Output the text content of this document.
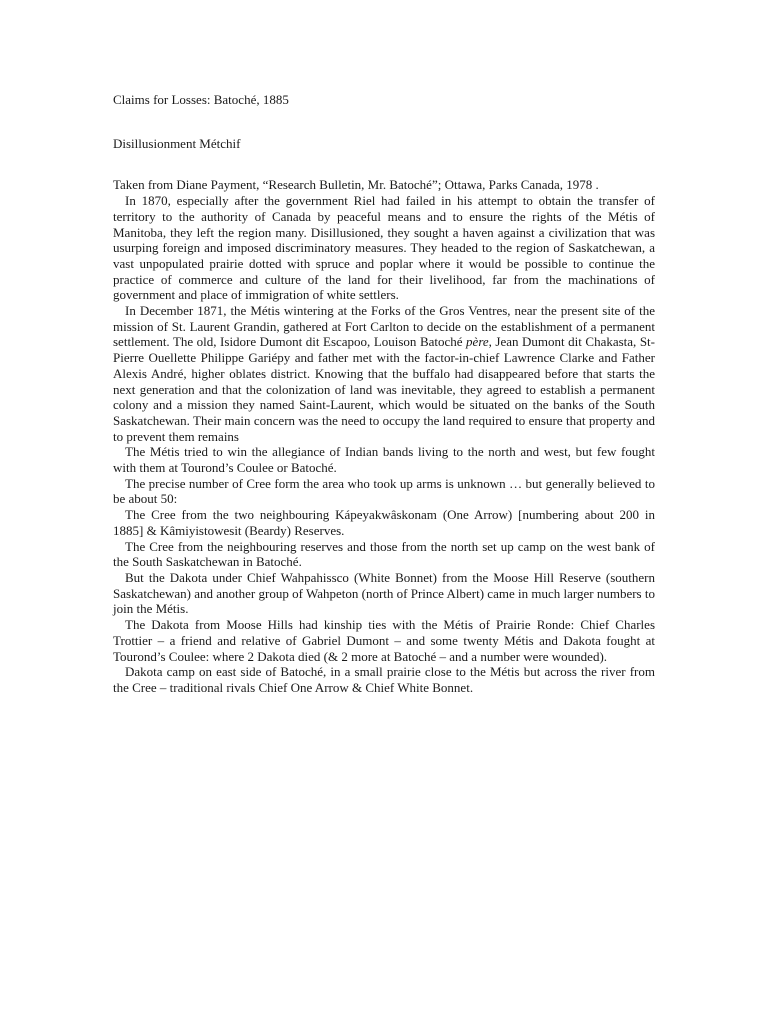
Claims for Losses: Batoché, 1885

Disillusionment Métchif

Taken from Diane Payment, “Research Bulletin, Mr. Batoché”; Ottawa, Parks Canada, 1978 .

In 1870, especially after the government Riel had failed in his attempt to obtain the transfer of territory to the authority of Canada by peaceful means and to ensure the rights of the Métis of Manitoba, they left the region many. Disillusioned, they sought a haven against a civilization that was usurping foreign and imposed discriminatory measures. They headed to the region of Saskatchewan, a vast unpopulated prairie dotted with spruce and poplar where it would be possible to continue the practice of commerce and culture of the land for their livelihood, far from the machinations of government and place of immigration of white settlers.

In December 1871, the Métis wintering at the Forks of the Gros Ventres, near the present site of the mission of St. Laurent Grandin, gathered at Fort Carlton to decide on the establishment of a permanent settlement. The old, Isidore Dumont dit Escapoo, Louison Batoché père, Jean Dumont dit Chakasta, St-Pierre Ouellette Philippe Gariépy and father met with the factor-in-chief Lawrence Clarke and Father Alexis André, higher oblates district. Knowing that the buffalo had disappeared before that starts the next generation and that the colonization of land was inevitable, they agreed to establish a permanent colony and a mission they named Saint-Laurent, which would be situated on the banks of the South Saskatchewan. Their main concern was the need to occupy the land required to ensure that property and to prevent them remains

The Métis tried to win the allegiance of Indian bands living to the north and west, but few fought with them at Tourond’s Coulee or Batoché.

The precise number of Cree form the area who took up arms is unknown … but generally believed to be about 50:

The Cree from the two neighbouring Kápeyakwâskonam (One Arrow) [numbering about 200 in 1885] & Kâmiyistowesit (Beardy) Reserves.

The Cree from the neighbouring reserves and those from the north set up camp on the west bank of the South Saskatchewan in Batoché.

But the Dakota under Chief Wahpahissco (White Bonnet) from the Moose Hill Reserve (southern Saskatchewan) and another group of Wahpeton (north of Prince Albert) came in much larger numbers to join the Métis.

The Dakota from Moose Hills had kinship ties with the Métis of Prairie Ronde: Chief Charles Trottier – a friend and relative of Gabriel Dumont – and some twenty Métis and Dakota fought at Tourond’s Coulee: where 2 Dakota died (& 2 more at Batoché – and a number were wounded).

Dakota camp on east side of Batoché, in a small prairie close to the Métis but across the river from the Cree – traditional rivals Chief One Arrow & Chief White Bonnet.
